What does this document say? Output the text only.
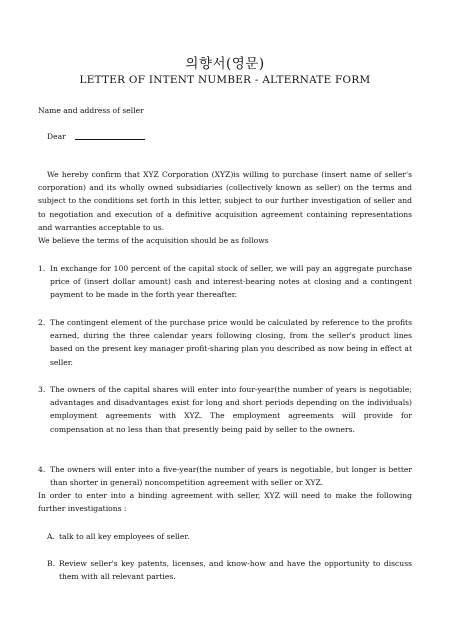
의향서(영문)
LETTER OF INTENT NUMBER - ALTERNATE FORM
Name and address of seller
Dear
We hereby confirm that XYZ Corporation (XYZ)is willing to purchase (insert name of seller's corporation) and its wholly owned subsidiaries (collectively known as seller) on the terms and subject to the conditions set forth in this letter, subject to our further investigation of seller and to negotiation and execution of a definitive acquisition agreement containing representations and warranties acceptable to us.
We believe the terms of the acquisition should be as follows
1. In exchange for 100 percent of the capital stock of seller, we will pay an aggregate purchase price of (insert dollar amount) cash and interest-bearing notes at closing and a contingent payment to be made in the forth year thereafter.
2. The contingent element of the purchase price would be calculated by reference to the profits earned, during the three calendar years following closing, from the seller's product lines based on the present key manager profit-sharing plan you described as now being in effect at seller.
3. The owners of the capital shares will enter into four-year(the number of years is negotiable; advantages and disadvantages exist for long and short periods depending on the individuals) employment agreements with XYZ. The employment agreements will provide for compensation at no less than that presently being paid by seller to the owners.
4. The owners will enter into a five-year(the number of years is negotiable, but longer is better than shorter in general) noncompetition agreement with seller or XYZ.
In order to enter into a binding agreement with seller, XYZ will need to make the following further investigations :
A. talk to all key employees of seller.
B. Review seller's key patents, licenses, and know-how and have the opportunity to discuss them with all relevant parties.
